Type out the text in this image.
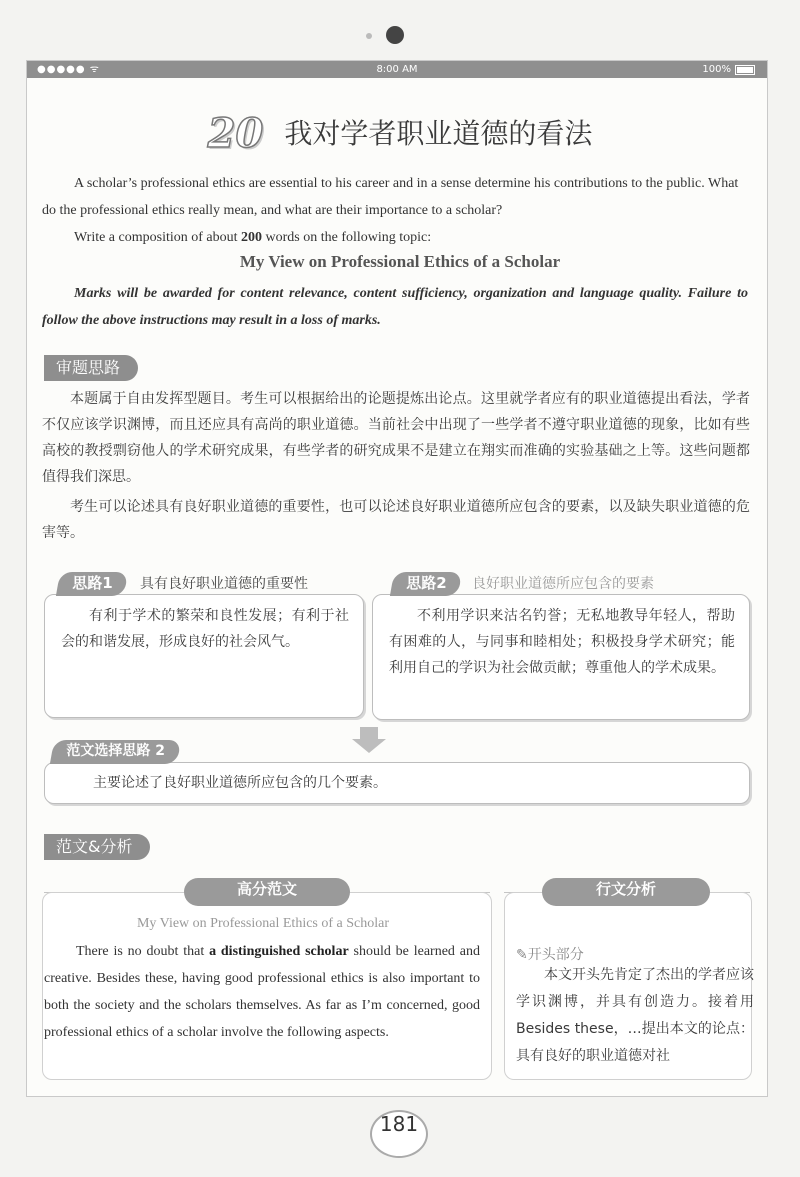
●●●●● ᯤ	8:00 AM	100%
20 我对学者职业道德的看法
A scholar’s professional ethics are essential to his career and in a sense determine his contributions to the public. What do the professional ethics really mean, and what are their importance to a scholar?
Write a composition of about 200 words on the following topic:
My View on Professional Ethics of a Scholar
Marks will be awarded for content relevance, content sufficiency, organization and language quality. Failure to follow the above instructions may result in a loss of marks.
审题思路
本题属于自由发挥型题目。考生可以根据给出的论题提炼出论点。这里就学者应有的职业道德提出看法，学者不仅应该学识渊博，而且还应具有高尚的职业道德。当前社会中出现了一些学者不遵守职业道德的现象，比如有些高校的教授剽窃他人的学术研究成果，有些学者的研究成果不是建立在翔实而准确的实验基础之上等。这些问题都值得我们深思。
考生可以论述具有良好职业道德的重要性，也可以论述良好职业道德所应包含的要素，以及缺失职业道德的危害等。
有利于学术的繁荣和良性发展；有利于社会的和谐发展，形成良好的社会风气。
思路1	具有良好职业道德的重要性
不利用学识来沽名钓誉；无私地教导年轻人，帮助有困难的人，与同事和睦相处；积极投身学术研究；能利用自己的学识为社会做贡献；尊重他人的学术成果。
思路2	良好职业道德所应包含的要素
主要论述了良好职业道德所应包含的几个要素。
范文选择思路 2
范文&分析
高分范文	行文分析
My View on Professional Ethics of a Scholar
There is no doubt that a distinguished scholar should be learned and creative. Besides these, having good professional ethics is also important to both the society and the scholars themselves. As far as I’m concerned, good professional ethics of a scholar involve the following aspects.
✎开头部分
本文开头先肯定了杰出的学者应该学识渊博，并具有创造力。接着用 Besides these，…提出本文的论点：具有良好的职业道德对社
181
